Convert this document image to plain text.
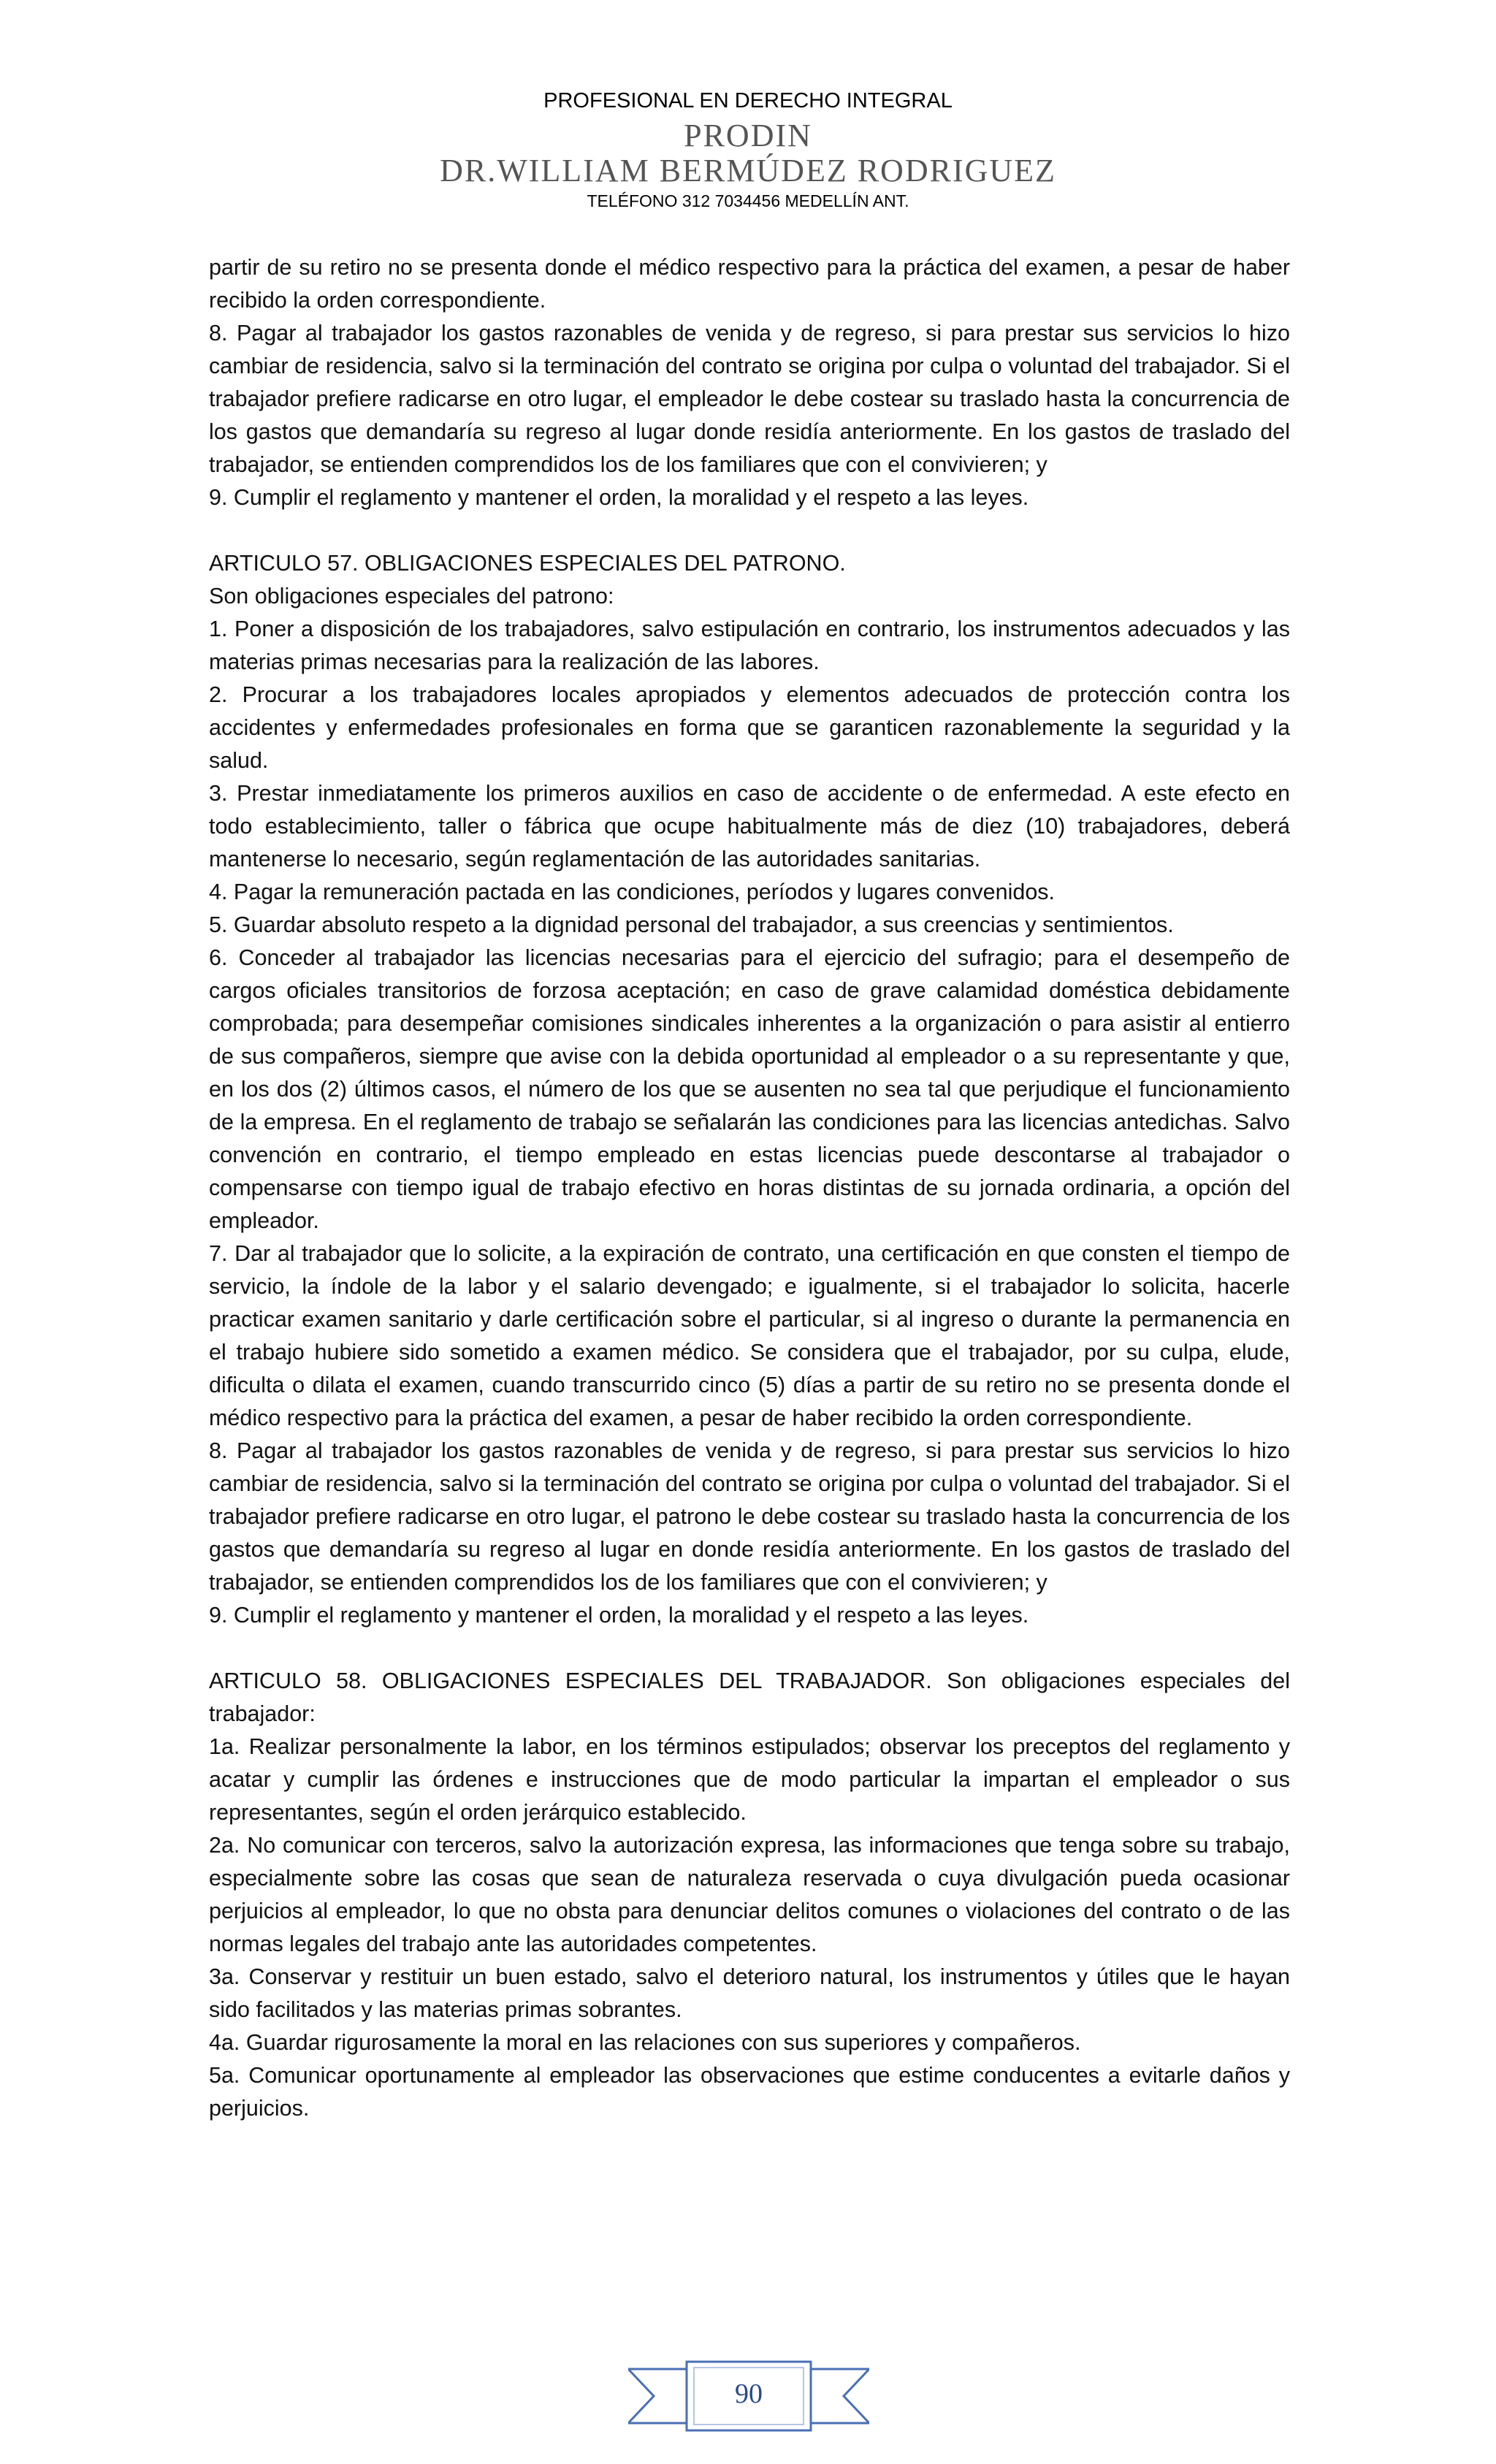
PROFESIONAL EN DERECHO INTEGRAL
PRODIN
DR.WILLIAM BERMÚDEZ RODRIGUEZ
TELÉFONO 312 7034456 MEDELLÍN ANT.

partir de su retiro no se presenta donde el médico respectivo para la práctica del examen, a pesar de haber recibido la orden correspondiente.

8. Pagar al trabajador los gastos razonables de venida y de regreso, si para prestar sus servicios lo hizo cambiar de residencia, salvo si la terminación del contrato se origina por culpa o voluntad del trabajador. Si el trabajador prefiere radicarse en otro lugar, el empleador le debe costear su traslado hasta la concurrencia de los gastos que demandaría su regreso al lugar donde residía anteriormente. En los gastos de traslado del trabajador, se entienden comprendidos los de los familiares que con el convivieren; y

9. Cumplir el reglamento y mantener el orden, la moralidad y el respeto a las leyes.

ARTICULO 57. OBLIGACIONES ESPECIALES DEL PATRONO.

Son obligaciones especiales del patrono:

1. Poner a disposición de los trabajadores, salvo estipulación en contrario, los instrumentos adecuados y las materias primas necesarias para la realización de las labores.

2. Procurar a los trabajadores locales apropiados y elementos adecuados de protección contra los accidentes y enfermedades profesionales en forma que se garanticen razonablemente la seguridad y la salud.

3. Prestar inmediatamente los primeros auxilios en caso de accidente o de enfermedad. A este efecto en todo establecimiento, taller o fábrica que ocupe habitualmente más de diez (10) trabajadores, deberá mantenerse lo necesario, según reglamentación de las autoridades sanitarias.

4. Pagar la remuneración pactada en las condiciones, períodos y lugares convenidos.

5. Guardar absoluto respeto a la dignidad personal del trabajador, a sus creencias y sentimientos.

6. Conceder al trabajador las licencias necesarias para el ejercicio del sufragio; para el desempeño de cargos oficiales transitorios de forzosa aceptación; en caso de grave calamidad doméstica debidamente comprobada; para desempeñar comisiones sindicales inherentes a la organización o para asistir al entierro de sus compañeros, siempre que avise con la debida oportunidad al empleador o a su representante y que, en los dos (2) últimos casos, el número de los que se ausenten no sea tal que perjudique el funcionamiento de la empresa. En el reglamento de trabajo se señalarán las condiciones para las licencias antedichas. Salvo convención en contrario, el tiempo empleado en estas licencias puede descontarse al trabajador o compensarse con tiempo igual de trabajo efectivo en horas distintas de su jornada ordinaria, a opción del empleador.

7. Dar al trabajador que lo solicite, a la expiración de contrato, una certificación en que consten el tiempo de servicio, la índole de la labor y el salario devengado; e igualmente, si el trabajador lo solicita, hacerle practicar examen sanitario y darle certificación sobre el particular, si al ingreso o durante la permanencia en el trabajo hubiere sido sometido a examen médico. Se considera que el trabajador, por su culpa, elude, dificulta o dilata el examen, cuando transcurrido cinco (5) días a partir de su retiro no se presenta donde el médico respectivo para la práctica del examen, a pesar de haber recibido la orden correspondiente.

8. Pagar al trabajador los gastos razonables de venida y de regreso, si para prestar sus servicios lo hizo cambiar de residencia, salvo si la terminación del contrato se origina por culpa o voluntad del trabajador. Si el trabajador prefiere radicarse en otro lugar, el patrono le debe costear su traslado hasta la concurrencia de los gastos que demandaría su regreso al lugar en donde residía anteriormente. En los gastos de traslado del trabajador, se entienden comprendidos los de los familiares que con el convivieren; y

9. Cumplir el reglamento y mantener el orden, la moralidad y el respeto a las leyes.

ARTICULO 58. OBLIGACIONES ESPECIALES DEL TRABAJADOR. Son obligaciones especiales del trabajador:

1a. Realizar personalmente la labor, en los términos estipulados; observar los preceptos del reglamento y acatar y cumplir las órdenes e instrucciones que de modo particular la impartan el empleador o sus representantes, según el orden jerárquico establecido.

2a. No comunicar con terceros, salvo la autorización expresa, las informaciones que tenga sobre su trabajo, especialmente sobre las cosas que sean de naturaleza reservada o cuya divulgación pueda ocasionar perjuicios al empleador, lo que no obsta para denunciar delitos comunes o violaciones del contrato o de las normas legales del trabajo ante las autoridades competentes.

3a. Conservar y restituir un buen estado, salvo el deterioro natural, los instrumentos y útiles que le hayan sido facilitados y las materias primas sobrantes.

4a. Guardar rigurosamente la moral en las relaciones con sus superiores y compañeros.

5a. Comunicar oportunamente al empleador las observaciones que estime conducentes a evitarle daños y perjuicios.

90
